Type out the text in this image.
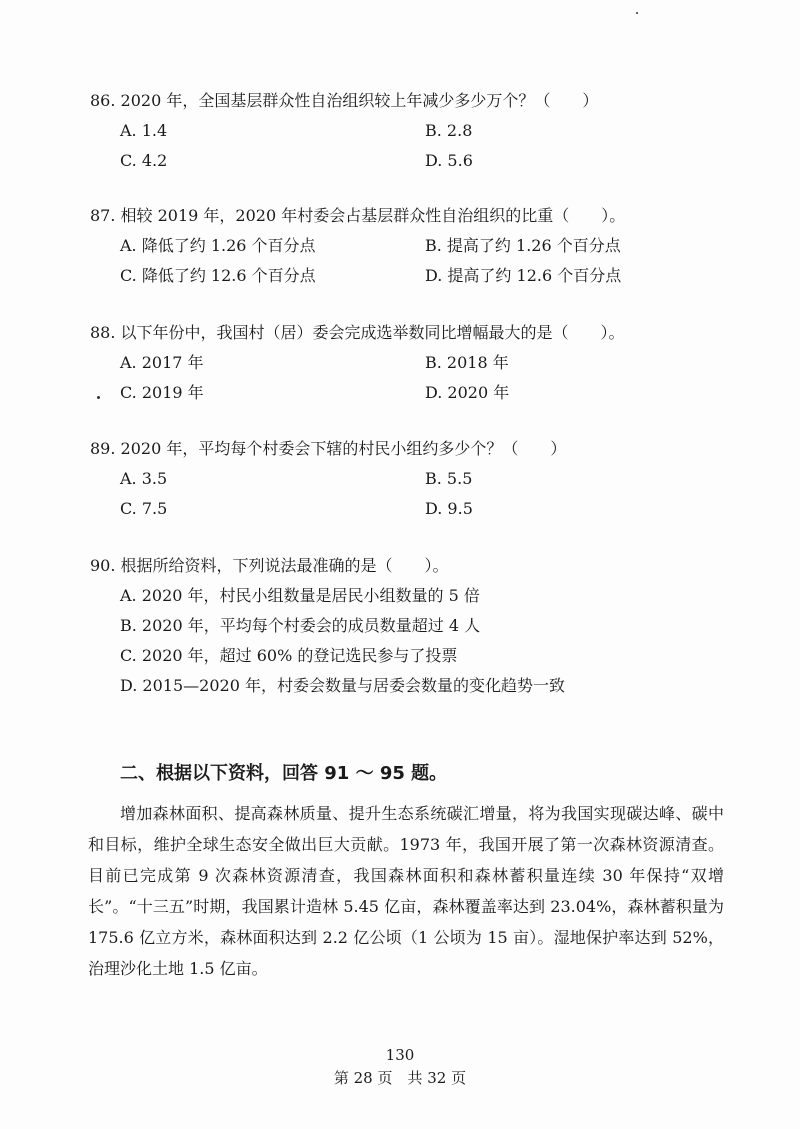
86. 2020 年，全国基层群众性自治组织较上年减少多少万个？（　　）
A. 1.4	B. 2.8
C. 4.2	D. 5.6
87. 相较 2019 年，2020 年村委会占基层群众性自治组织的比重（　　）。
A. 降低了约 1.26 个百分点	B. 提高了约 1.26 个百分点
C. 降低了约 12.6 个百分点	D. 提高了约 12.6 个百分点
88. 以下年份中，我国村（居）委会完成选举数同比增幅最大的是（　　）。
A. 2017 年	B. 2018 年
C. 2019 年	D. 2020 年
89. 2020 年，平均每个村委会下辖的村民小组约多少个？（　　）
A. 3.5	B. 5.5
C. 7.5	D. 9.5
90. 根据所给资料，下列说法最准确的是（　　）。
A. 2020 年，村民小组数量是居民小组数量的 5 倍
B. 2020 年，平均每个村委会的成员数量超过 4 人
C. 2020 年，超过 60% 的登记选民参与了投票
D. 2015—2020 年，村委会数量与居委会数量的变化趋势一致
二、根据以下资料，回答 91 ～ 95 题。
增加森林面积、提高森林质量、提升生态系统碳汇增量，将为我国实现碳达峰、碳中和目标，维护全球生态安全做出巨大贡献。1973 年，我国开展了第一次森林资源清查。目前已完成第 9 次森林资源清查，我国森林面积和森林蓄积量连续 30 年保持“双增长”。“十三五”时期，我国累计造林 5.45 亿亩，森林覆盖率达到 23.04%，森林蓄积量为 175.6 亿立方米，森林面积达到 2.2 亿公顷（1 公顷为 15 亩）。湿地保护率达到 52%，治理沙化土地 1.5 亿亩。
130
第 28 页　共 32 页
